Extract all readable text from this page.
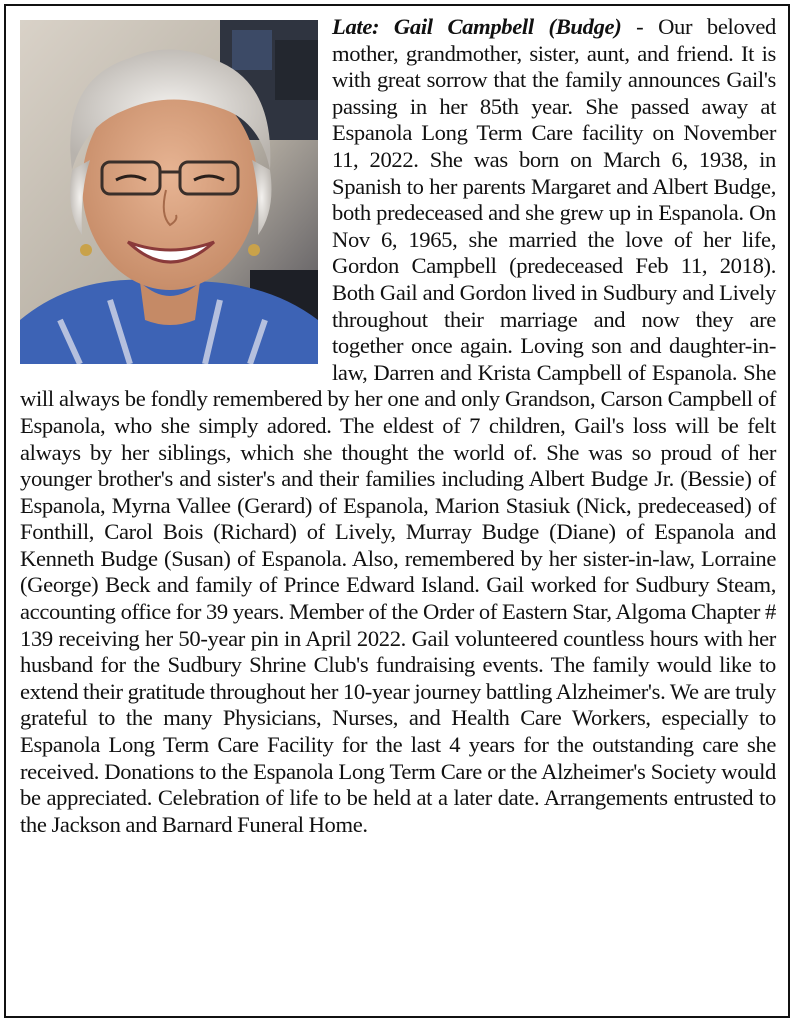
Late: Gail Campbell (Budge) - Our beloved mother, grandmother, sister, aunt, and friend. It is with great sorrow that the family announces Gail's passing in her 85th year. She passed away at Espanola Long Term Care facility on November 11, 2022. She was born on March 6, 1938, in Spanish to her parents Margaret and Albert Budge, both predeceased and she grew up in Espanola. On Nov 6, 1965, she married the love of her life, Gordon Campbell (predeceased Feb 11, 2018). Both Gail and Gordon lived in Sudbury and Lively throughout their marriage and now they are together once again. Loving son and daughter-in-law, Darren and Krista Campbell of Espanola. She will always be fondly remembered by her one and only Grandson, Carson Campbell of Espanola, who she simply adored. The eldest of 7 children, Gail's loss will be felt always by her siblings, which she thought the world of. She was so proud of her younger brother's and sister's and their families including Albert Budge Jr. (Bessie) of Espanola, Myrna Vallee (Gerard) of Espanola, Marion Stasiuk (Nick, predeceased) of Fonthill, Carol Bois (Richard) of Lively, Murray Budge (Diane) of Espanola and Kenneth Budge (Susan) of Espanola. Also, remembered by her sister-in-law, Lorraine (George) Beck and family of Prince Edward Island. Gail worked for Sudbury Steam, accounting office for 39 years. Member of the Order of Eastern Star, Algoma Chapter # 139 receiving her 50-year pin in April 2022. Gail volunteered countless hours with her husband for the Sudbury Shrine Club's fundraising events. The family would like to extend their gratitude throughout her 10-year journey battling Alzheimer's. We are truly grateful to the many Physicians, Nurses, and Health Care Workers, especially to Espanola Long Term Care Facility for the last 4 years for the outstanding care she received. Donations to the Espanola Long Term Care or the Alzheimer's Society would be appreciated. Celebration of life to be held at a later date. Arrangements entrusted to the Jackson and Barnard Funeral Home.
